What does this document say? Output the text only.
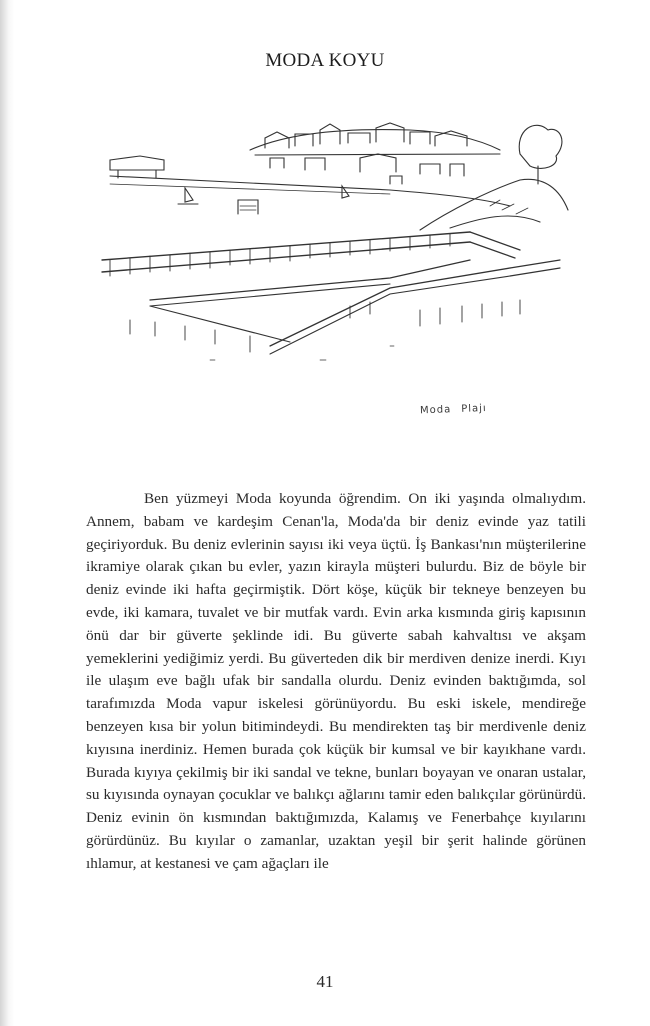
MODA KOYU
Moda Plajı

Ben yüzmeyi Moda koyunda öğrendim. On iki yaşında olmalıydım. Annem, babam ve kardeşim Cenan'la, Moda'da bir deniz evinde yaz tatili geçiriyorduk. Bu deniz evlerinin sayısı iki veya üçtü. İş Bankası'nın müşterilerine ikramiye olarak çıkan bu evler, yazın kirayla müşteri bulurdu. Biz de böyle bir deniz evinde iki hafta geçirmiştik. Dört köşe, küçük bir tekneye benzeyen bu evde, iki kamara, tuvalet ve bir mutfak vardı. Evin arka kısmında giriş kapısının önü dar bir güverte şeklinde idi. Bu güverte sabah kahvaltısı ve akşam yemeklerini yediğimiz yerdi. Bu güverteden dik bir merdiven denize inerdi. Kıyı ile ulaşım eve bağlı ufak bir sandalla olurdu. Deniz evinden baktığımda, sol tarafımızda Moda vapur iskelesi görünüyordu. Bu eski iskele, mendireğe benzeyen kısa bir yolun bitimindeydi. Bu mendirekten taş bir merdivenle deniz kıyısına inerdiniz. Hemen burada çok küçük bir kumsal ve bir kayıkhane vardı. Burada kıyıya çekilmiş bir iki sandal ve tekne, bunları boyayan ve onaran ustalar, su kıyısında oynayan çocuklar ve balıkçı ağlarını tamir eden balıkçılar görünürdü. Deniz evinin ön kısmından baktığımızda, Kalamış ve Fenerbahçe kıyılarını görürdünüz. Bu kıyılar o zamanlar, uzaktan yeşil bir şerit halinde görünen ıhlamur, at kestanesi ve çam ağaçları ile

41
